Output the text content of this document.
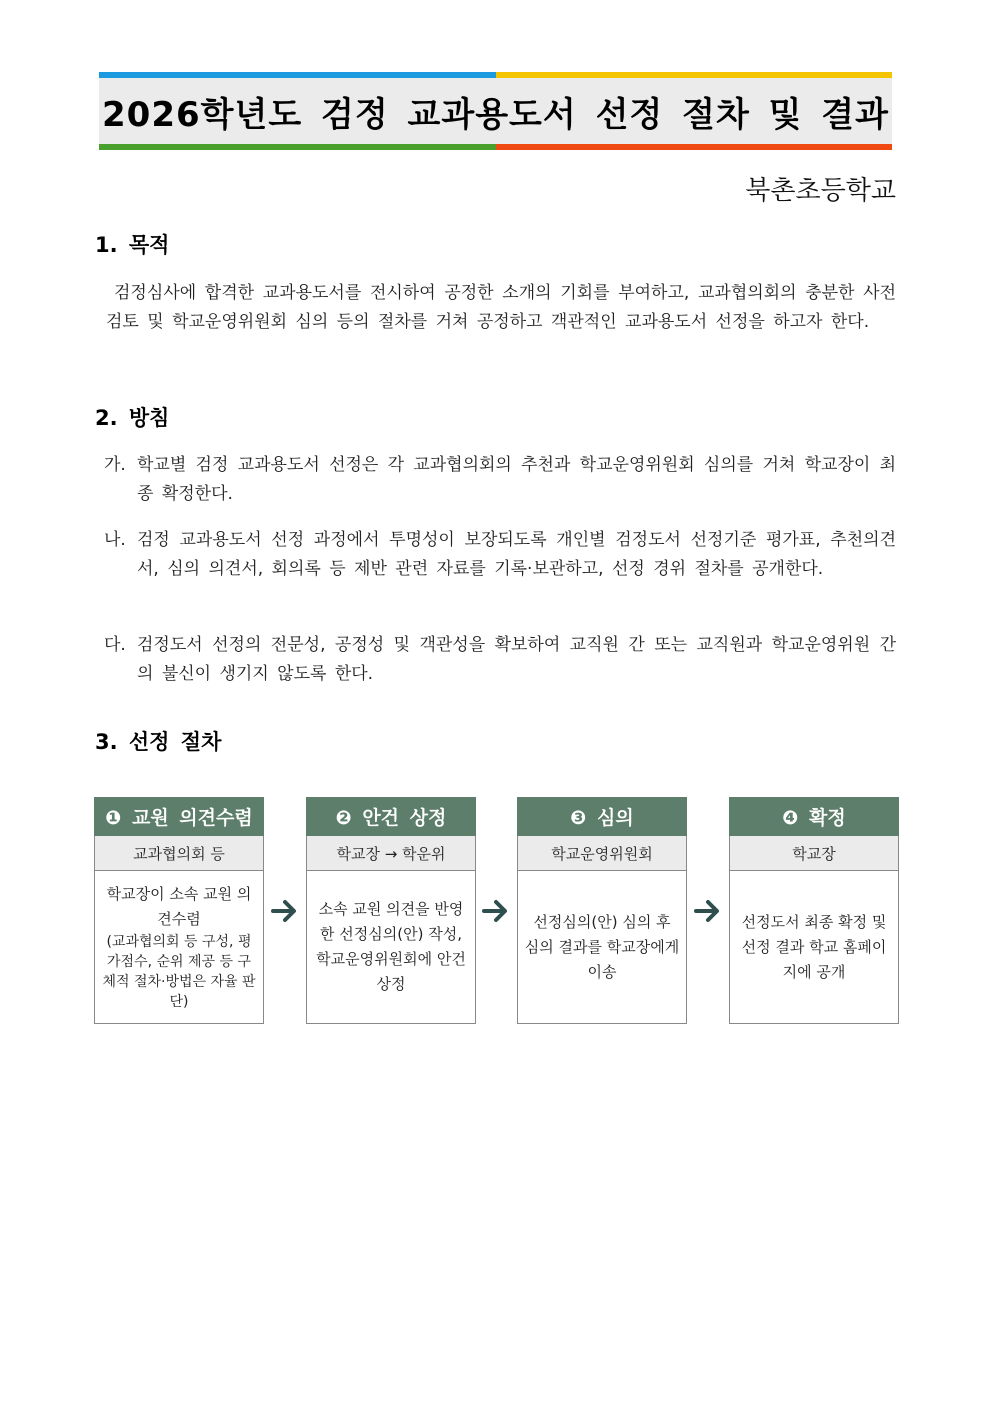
2026학년도 검정 교과용도서 선정 절차 및 결과
북촌초등학교
1. 목적
검정심사에 합격한 교과용도서를 전시하여 공정한 소개의 기회를 부여하고, 교과협의회의 충분한 사전 검토 및 학교운영위원회 심의 등의 절차를 거쳐 공정하고 객관적인 교과용도서 선정을 하고자 한다.
2. 방침
가. 학교별 검정 교과용도서 선정은 각 교과협의회의 추천과 학교운영위원회 심의를 거쳐 학교장이 최종 확정한다.
나. 검정 교과용도서 선정 과정에서 투명성이 보장되도록 개인별 검정도서 선정기준 평가표, 추천의견서, 심의 의견서, 회의록 등 제반 관련 자료를 기록·보관하고, 선정 경위 절차를 공개한다.
다. 검정도서 선정의 전문성, 공정성 및 객관성을 확보하여 교직원 간 또는 교직원과 학교운영위원 간의 불신이 생기지 않도록 한다.
3. 선정 절차
❶ 교원 의견수렴
교과협의회 등
학교장이 소속 교원 의견수렴
(교과협의회 등 구성, 평가점수, 순위 제공 등 구체적 절차·방법은 자율 판단)
❷ 안건 상정
학교장 → 학운위
소속 교원 의견을 반영한 선정심의(안) 작성, 학교운영위원회에 안건 상정
❸ 심의
학교운영위원회
선정심의(안) 심의 후 심의 결과를 학교장에게 이송
❹ 확정
학교장
선정도서 최종 확정 및 선정 결과 학교 홈페이지에 공개
